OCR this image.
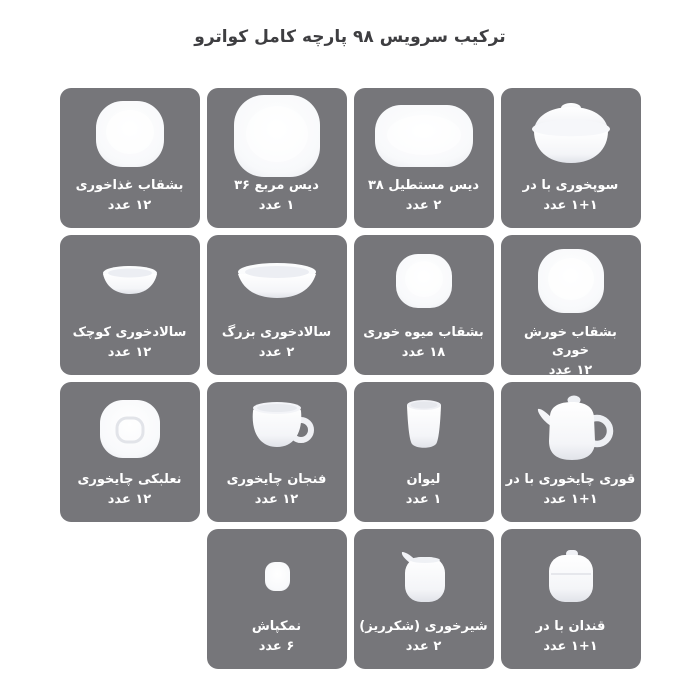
ترکیب سرویس ۹۸ پارچه کامل کواترو
بشقاب غذاخوری
۱۲ عدد
دیس مربع ۳۶
۱ عدد
دیس مستطیل ۳۸
۲ عدد
سوپخوری با در
۱+۱ عدد
سالادخوری کوچک
۱۲ عدد
سالادخوری بزرگ
۲ عدد
بشقاب میوه خوری
۱۸ عدد
بشقاب خورش خوری
۱۲ عدد
نعلبکی چایخوری
۱۲ عدد
فنجان چایخوری
۱۲ عدد
لیوان
۱ عدد
قوری چایخوری با در
۱+۱ عدد
نمکپاش
۶ عدد
شیرخوری (شکرریز)
۲ عدد
قندان با در
۱+۱ عدد
